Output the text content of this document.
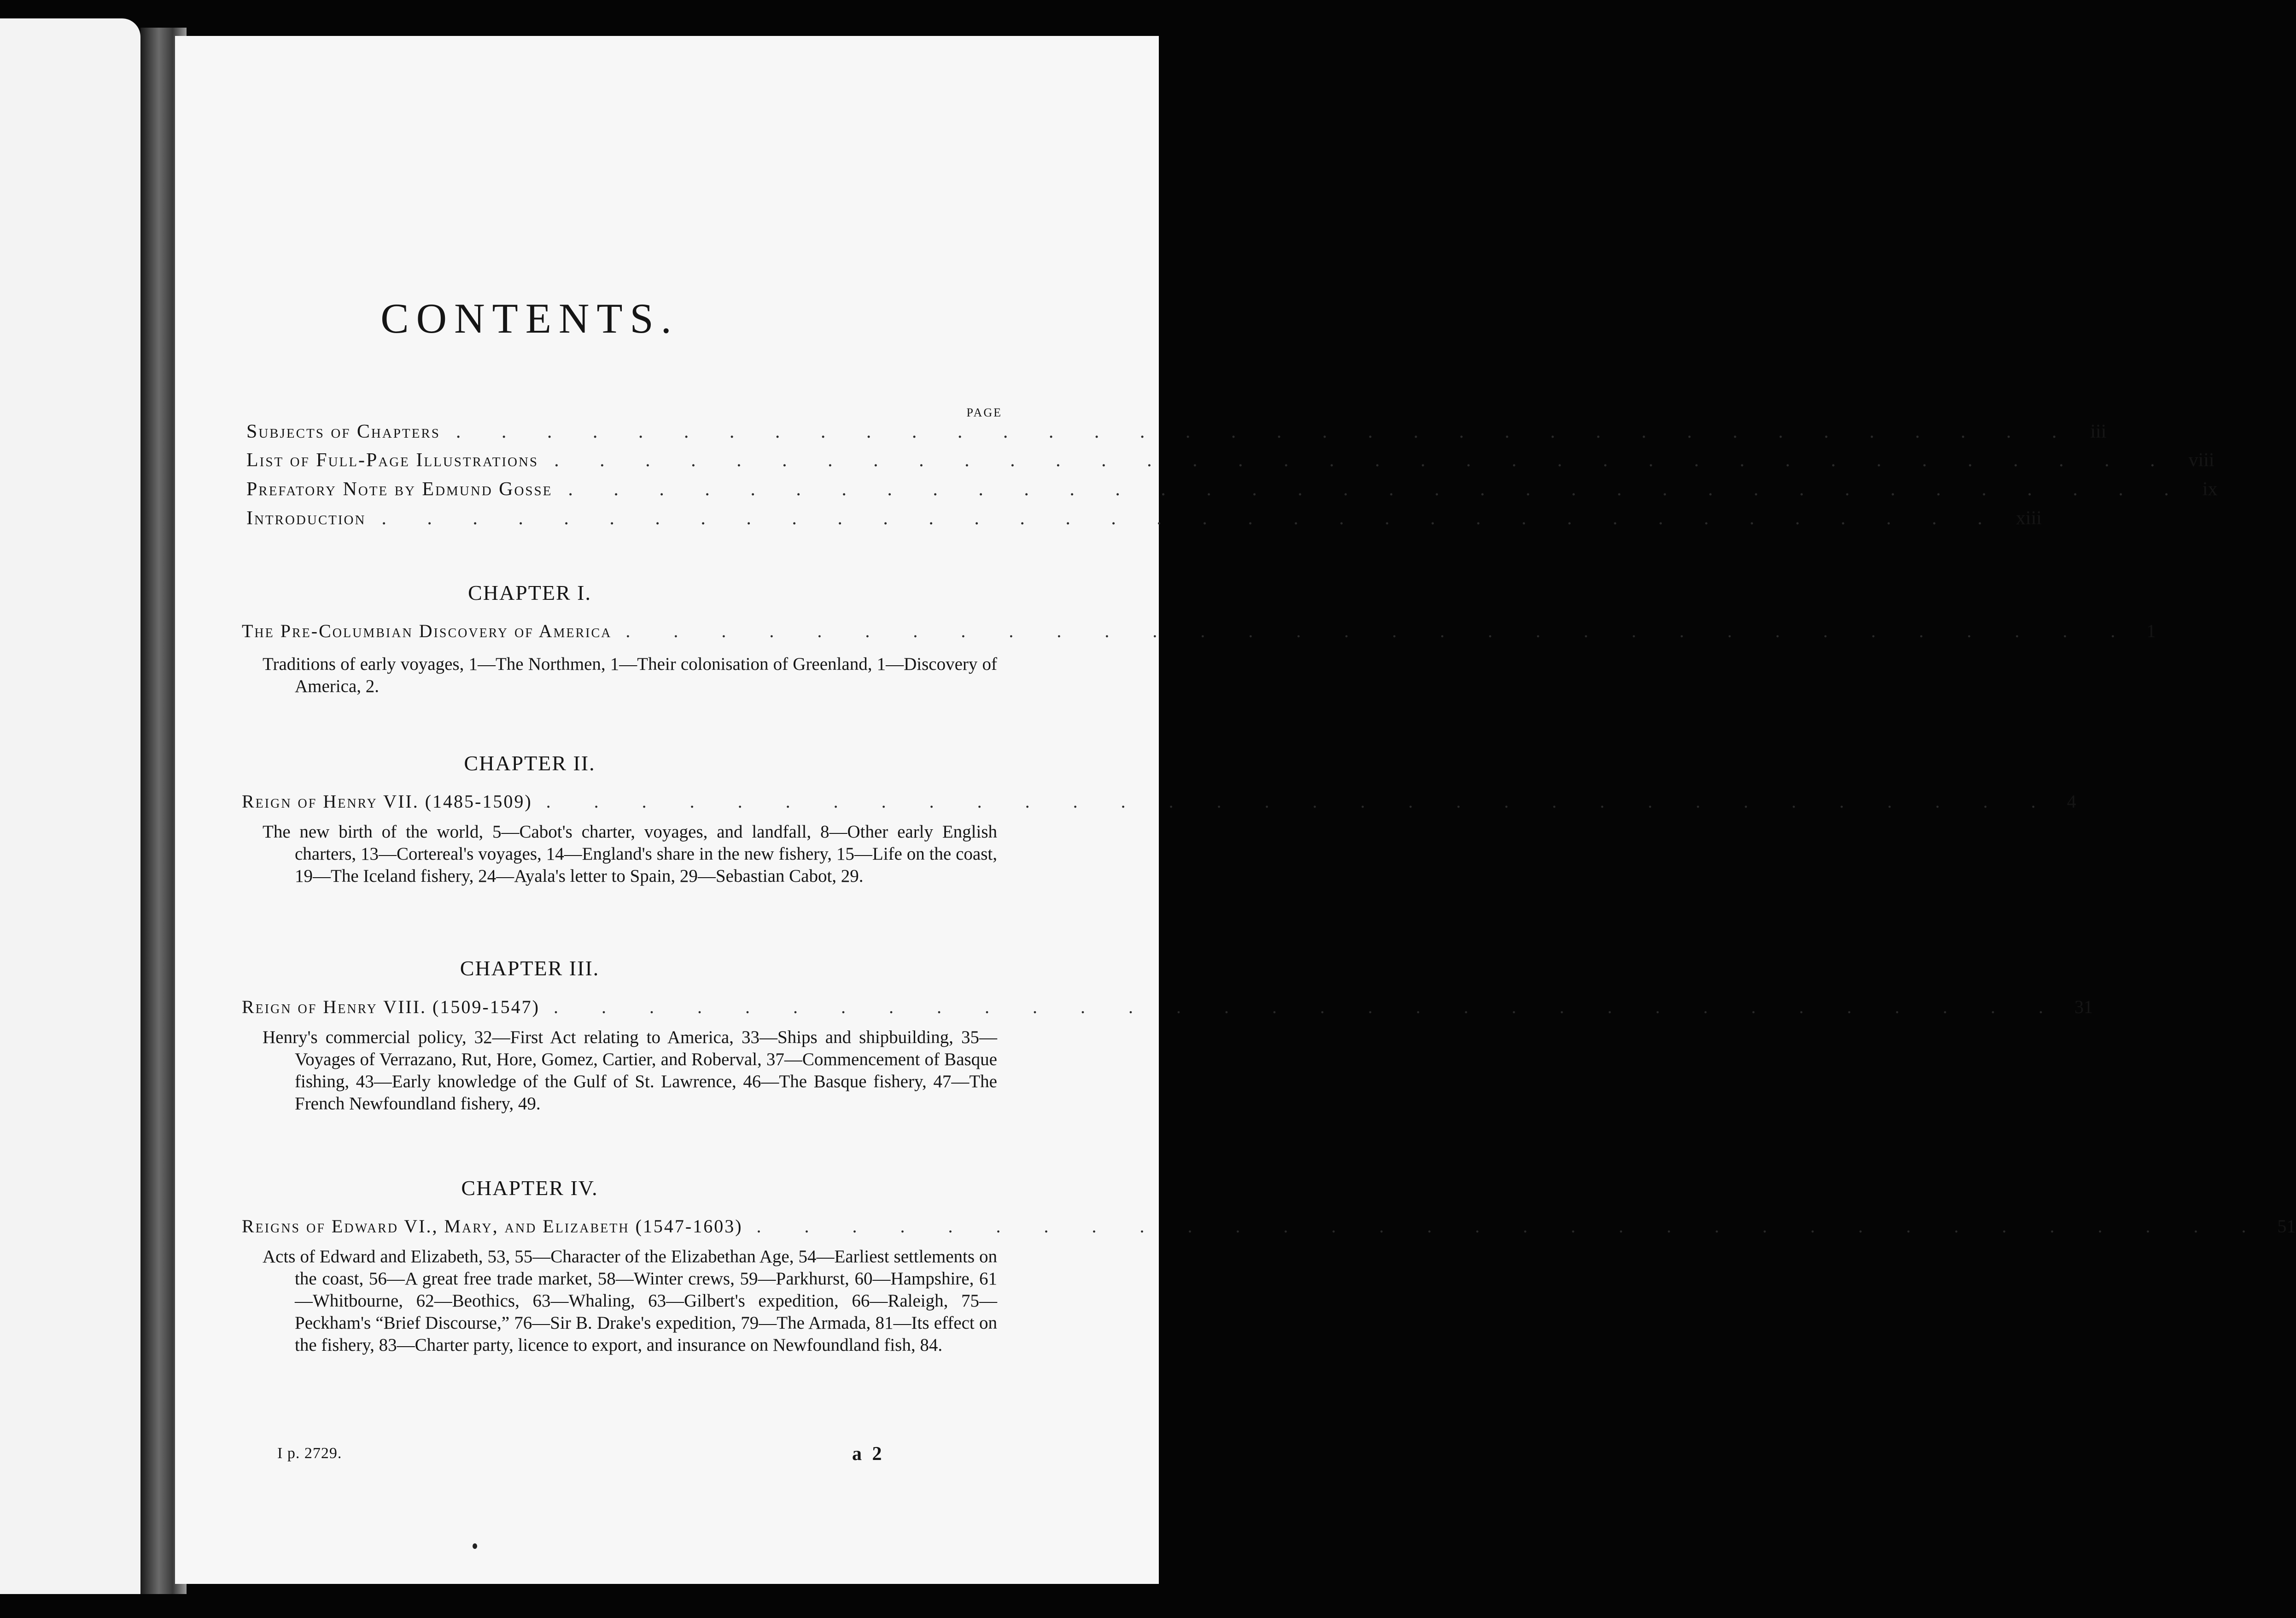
CONTENTS.
PAGE
Subjects of Chapters . . . . . . . . . . . . . . . . . . . . . . . . . . . . . . . . . . . . iii
List of Full-Page Illustrations . . . . . . . . . . . . . . . . . . . . . . . . . . . . . . . . . . . . viii
Prefatory Note by Edmund Gosse . . . . . . . . . . . . . . . . . . . . . . . . . . . . . . . . . . . . ix
Introduction . . . . . . . . . . . . . . . . . . . . . . . . . . . . . . . . . . . . xiii
CHAPTER I.
The Pre-Columbian Discovery of America . . . . . . . . . . . . . . . . . . . . . . . . . . . . . . . . 1
Traditions of early voyages, 1—The Northmen, 1—Their colonisation of Greenland, 1—Discovery of America, 2.
CHAPTER II.
Reign of Henry VII. (1485-1509) . . . . . . . . . . . . . . . . . . . . . . . . . . . . . . . . 4
The new birth of the world, 5—Cabot's charter, voyages, and landfall, 8—Other early English charters, 13—Cortereal's voyages, 14—England's share in the new fishery, 15—Life on the coast, 19—The Iceland fishery, 24—Ayala's letter to Spain, 29—Sebastian Cabot, 29.
CHAPTER III.
Reign of Henry VIII. (1509-1547) . . . . . . . . . . . . . . . . . . . . . . . . . . . . . . . . 31
Henry's commercial policy, 32—First Act relating to America, 33—Ships and shipbuilding, 35—Voyages of Verrazano, Rut, Hore, Gomez, Cartier, and Roberval, 37—Commencement of Basque fishing, 43—Early knowledge of the Gulf of St. Lawrence, 46—The Basque fishery, 47—The French Newfoundland fishery, 49.
CHAPTER IV.
Reigns of Edward VI., Mary, and Elizabeth (1547-1603) . . . . . . . . . . . . . . . . . . . . . . . . . . . . . . . . 51
Acts of Edward and Elizabeth, 53, 55—Character of the Elizabethan Age, 54—Earliest settlements on the coast, 56—A great free trade market, 58—Winter crews, 59—Parkhurst, 60—Hampshire, 61—Whitbourne, 62—Beothics, 63—Whaling, 63—Gilbert's expedition, 66—Raleigh, 75—Peckham's “Brief Discourse,” 76—Sir B. Drake's expedition, 79—The Armada, 81—Its effect on the fishery, 83—Charter party, licence to export, and insurance on Newfoundland fish, 84.
I p. 2729.	a 2
